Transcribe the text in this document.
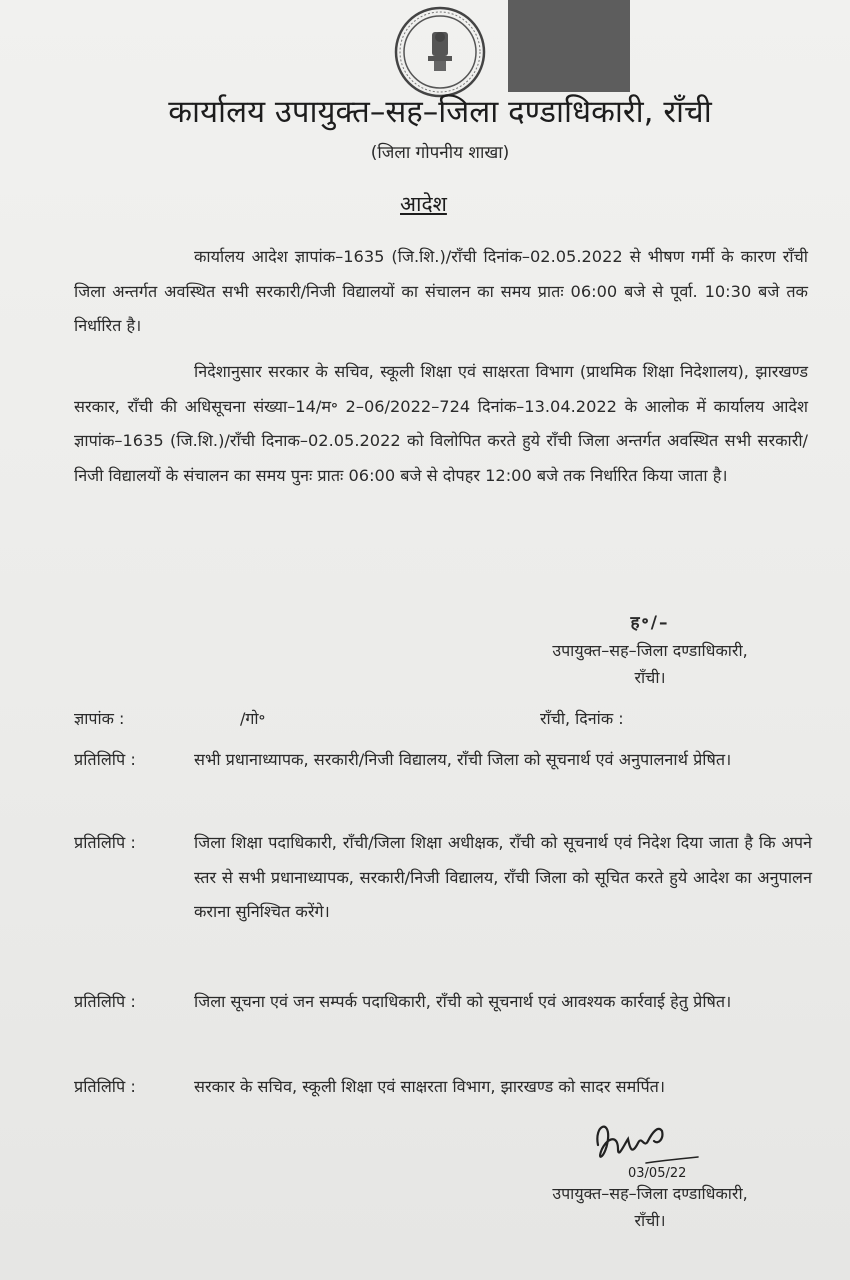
कार्यालय उपायुक्त–सह–जिला दण्डाधिकारी, राँची
(जिला गोपनीय शाखा)
आदेश
कार्यालय आदेश ज्ञापांक–1635 (जि.शि.)/राँची दिनांक–02.05.2022 से भीषण गर्मी के कारण राँची जिला अन्तर्गत अवस्थित सभी सरकारी/निजी विद्यालयों का संचालन का समय प्रातः 06:00 बजे से पूर्वा. 10:30 बजे तक निर्धारित है।
निदेशानुसार सरकार के सचिव, स्कूली शिक्षा एवं साक्षरता विभाग (प्राथमिक शिक्षा निदेशालय), झारखण्ड सरकार, राँची की अधिसूचना संख्या–14/म॰ 2–06/2022–724 दिनांक–13.04.2022 के आलोक में कार्यालय आदेश ज्ञापांक–1635 (जि.शि.)/राँची दिनाक–02.05.2022 को विलोपित करते हुये राँची जिला अन्तर्गत अवस्थित सभी सरकारी/निजी विद्यालयों के संचालन का समय पुनः प्रातः 06:00 बजे से दोपहर 12:00 बजे तक निर्धारित किया जाता है।
ह॰/–
उपायुक्त–सह–जिला दण्डाधिकारी,
राँची।
ज्ञापांक :	/गो॰	राँची, दिनांक :
प्रतिलिपि :	सभी प्रधानाध्यापक, सरकारी/निजी विद्यालय, राँची जिला को सूचनार्थ एवं अनुपालनार्थ प्रेषित।
प्रतिलिपि :	जिला शिक्षा पदाधिकारी, राँची/जिला शिक्षा अधीक्षक, राँची को सूचनार्थ एवं निदेश दिया जाता है कि अपने स्तर से सभी प्रधानाध्यापक, सरकारी/निजी विद्यालय, राँची जिला को सूचित करते हुये आदेश का अनुपालन कराना सुनिश्चित करेंगे।
प्रतिलिपि :	जिला सूचना एवं जन सम्पर्क पदाधिकारी, राँची को सूचनार्थ एवं आवश्यक कार्रवाई हेतु प्रेषित।
प्रतिलिपि :	सरकार के सचिव, स्कूली शिक्षा एवं साक्षरता विभाग, झारखण्ड को सादर समर्पित।
03/05/22
उपायुक्त–सह–जिला दण्डाधिकारी,
राँची।
